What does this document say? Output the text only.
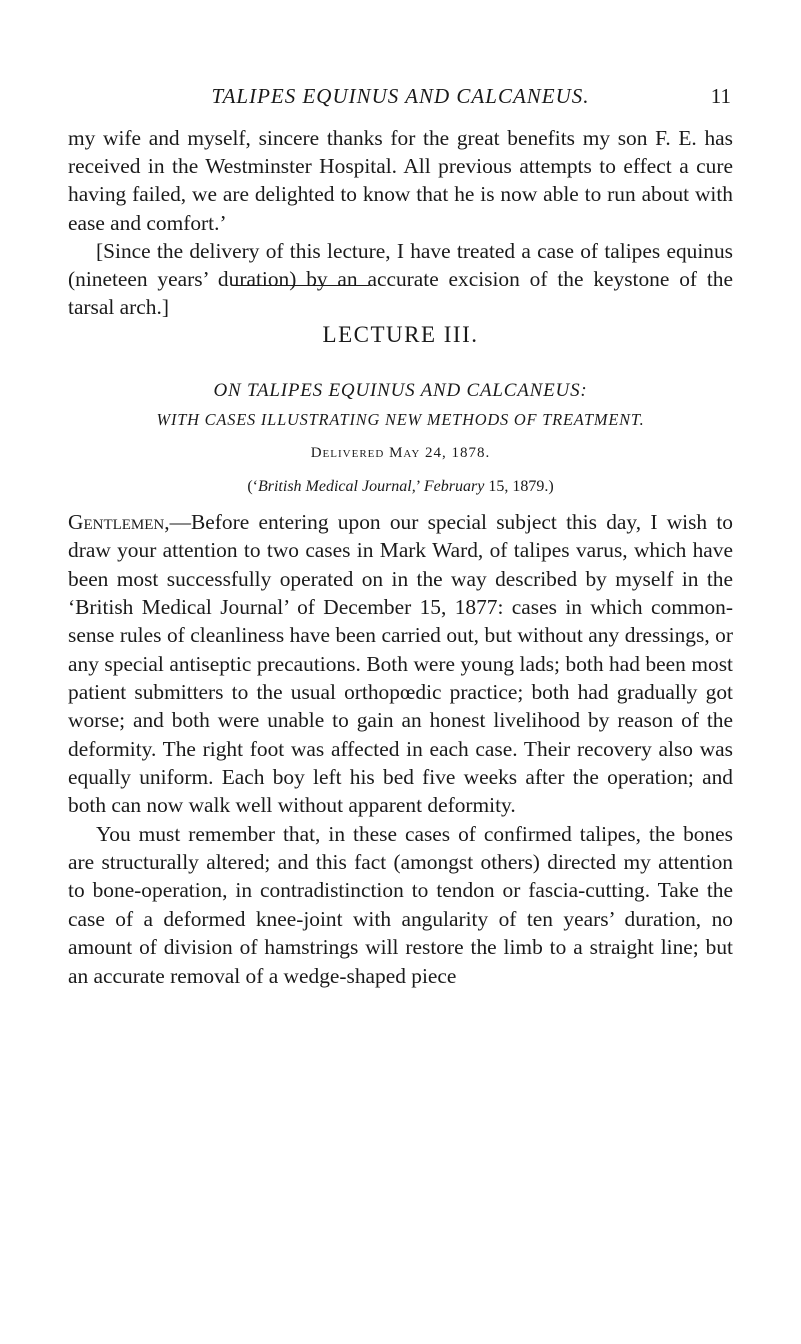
TALIPES EQUINUS AND CALCANEUS.	11

my wife and myself, sincere thanks for the great benefits my son F. E. has received in the Westminster Hospital. All previous attempts to effect a cure having failed, we are delighted to know that he is now able to run about with ease and comfort.’

[Since the delivery of this lecture, I have treated a case of talipes equinus (nineteen years’ duration) by an accurate excision of the keystone of the tarsal arch.]

LECTURE III.
ON TALIPES EQUINUS AND CALCANEUS:
WITH CASES ILLUSTRATING NEW METHODS OF TREATMENT.
Delivered May 24, 1878.
(‘British Medical Journal,’ February 15, 1879.)

Gentlemen,—Before entering upon our special subject this day, I wish to draw your attention to two cases in Mark Ward, of talipes varus, which have been most successfully operated on in the way described by myself in the ‘British Medical Journal’ of December 15, 1877: cases in which common-sense rules of cleanliness have been carried out, but without any dressings, or any special antiseptic precautions. Both were young lads; both had been most patient submitters to the usual orthopœdic practice; both had gradually got worse; and both were unable to gain an honest livelihood by reason of the deformity. The right foot was affected in each case. Their recovery also was equally uniform. Each boy left his bed five weeks after the operation; and both can now walk well without apparent deformity.

You must remember that, in these cases of confirmed talipes, the bones are structurally altered; and this fact (amongst others) directed my attention to bone-operation, in contradistinction to tendon or fascia-cutting. Take the case of a deformed knee-joint with angularity of ten years’ duration, no amount of division of hamstrings will restore the limb to a straight line; but an accurate removal of a wedge-shaped piece
